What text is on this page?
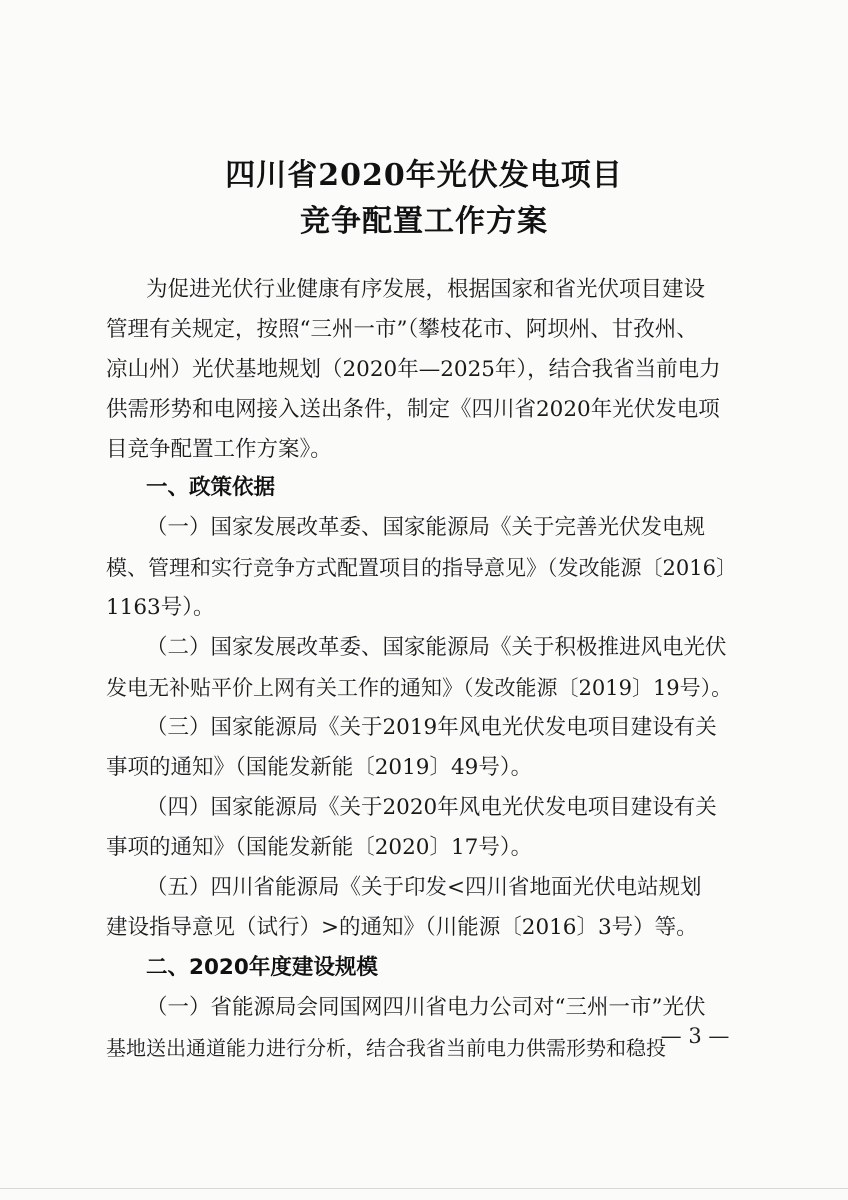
四川省2020年光伏发电项目
竞争配置工作方案
为促进光伏行业健康有序发展，根据国家和省光伏项目建设
管理有关规定，按照“三州一市”（攀枝花市、阿坝州、甘孜州、
凉山州）光伏基地规划（2020年—2025年），结合我省当前电力
供需形势和电网接入送出条件，制定《四川省2020年光伏发电项
目竞争配置工作方案》。
一、政策依据
（一）国家发展改革委、国家能源局《关于完善光伏发电规
模、管理和实行竞争方式配置项目的指导意见》（发改能源〔2016〕
1163号）。
（二）国家发展改革委、国家能源局《关于积极推进风电光伏
发电无补贴平价上网有关工作的通知》（发改能源〔2019〕19号）。
（三）国家能源局《关于2019年风电光伏发电项目建设有关
事项的通知》（国能发新能〔2019〕49号）。
（四）国家能源局《关于2020年风电光伏发电项目建设有关
事项的通知》（国能发新能〔2020〕17号）。
（五）四川省能源局《关于印发<四川省地面光伏电站规划
建设指导意见（试行）>的通知》（川能源〔2016〕3号）等。
二、2020年度建设规模
（一）省能源局会同国网四川省电力公司对“三州一市”光伏
基地送出通道能力进行分析，结合我省当前电力供需形势和稳投
— 3 —
